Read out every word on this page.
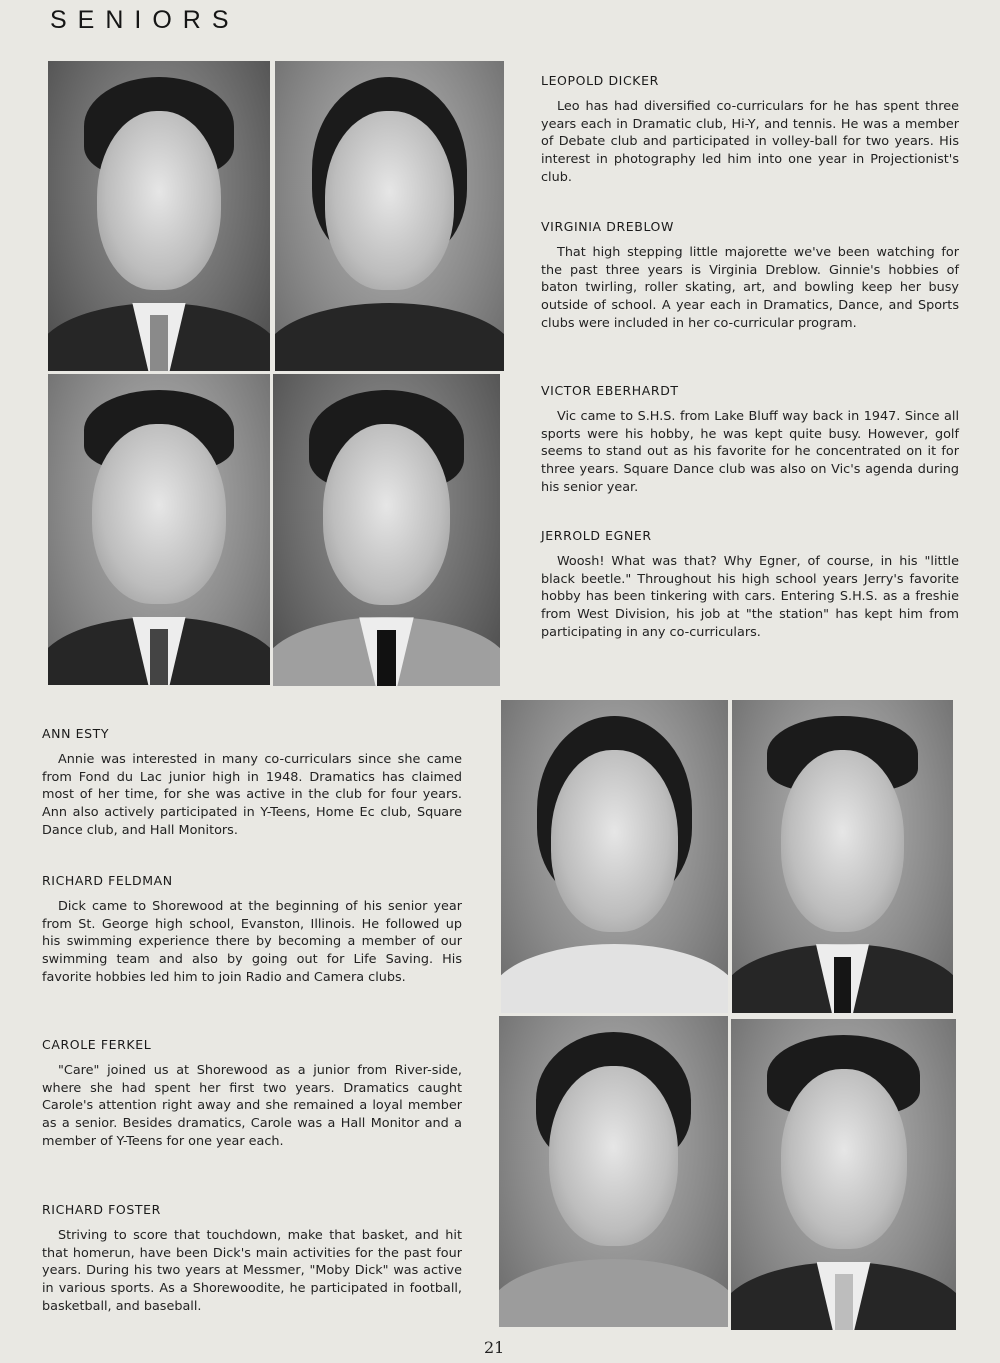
SENIORS
LEOPOLD DICKER

Leo has had diversified co-curriculars for he has spent three years each in Dramatic club, Hi-Y, and tennis. He was a member of Debate club and participated in volley-ball for two years. His interest in photography led him into one year in Projectionist's club.

VIRGINIA DREBLOW

That high stepping little majorette we've been watching for the past three years is Virginia Dreblow. Ginnie's hobbies of baton twirling, roller skating, art, and bowling keep her busy outside of school. A year each in Dramatics, Dance, and Sports clubs were included in her co-curricular program.

VICTOR EBERHARDT

Vic came to S.H.S. from Lake Bluff way back in 1947. Since all sports were his hobby, he was kept quite busy. However, golf seems to stand out as his favorite for he concentrated on it for three years. Square Dance club was also on Vic's agenda during his senior year.

JERROLD EGNER

Woosh! What was that? Why Egner, of course, in his "little black beetle." Throughout his high school years Jerry's favorite hobby has been tinkering with cars. Entering S.H.S. as a freshie from West Division, his job at "the station" has kept him from participating in any co-curriculars.

ANN ESTY

Annie was interested in many co-curriculars since she came from Fond du Lac junior high in 1948. Dramatics has claimed most of her time, for she was active in the club for four years. Ann also actively participated in Y-Teens, Home Ec club, Square Dance club, and Hall Monitors.

RICHARD FELDMAN

Dick came to Shorewood at the beginning of his senior year from St. George high school, Evanston, Illinois. He followed up his swimming experience there by becoming a member of our swimming team and also by going out for Life Saving. His favorite hobbies led him to join Radio and Camera clubs.

CAROLE FERKEL

"Care" joined us at Shorewood as a junior from River-side, where she had spent her first two years. Dramatics caught Carole's attention right away and she remained a loyal member as a senior. Besides dramatics, Carole was a Hall Monitor and a member of Y-Teens for one year each.

RICHARD FOSTER

Striving to score that touchdown, make that basket, and hit that homerun, have been Dick's main activities for the past four years. During his two years at Messmer, "Moby Dick" was active in various sports. As a Shorewoodite, he participated in football, basketball, and baseball.

21
